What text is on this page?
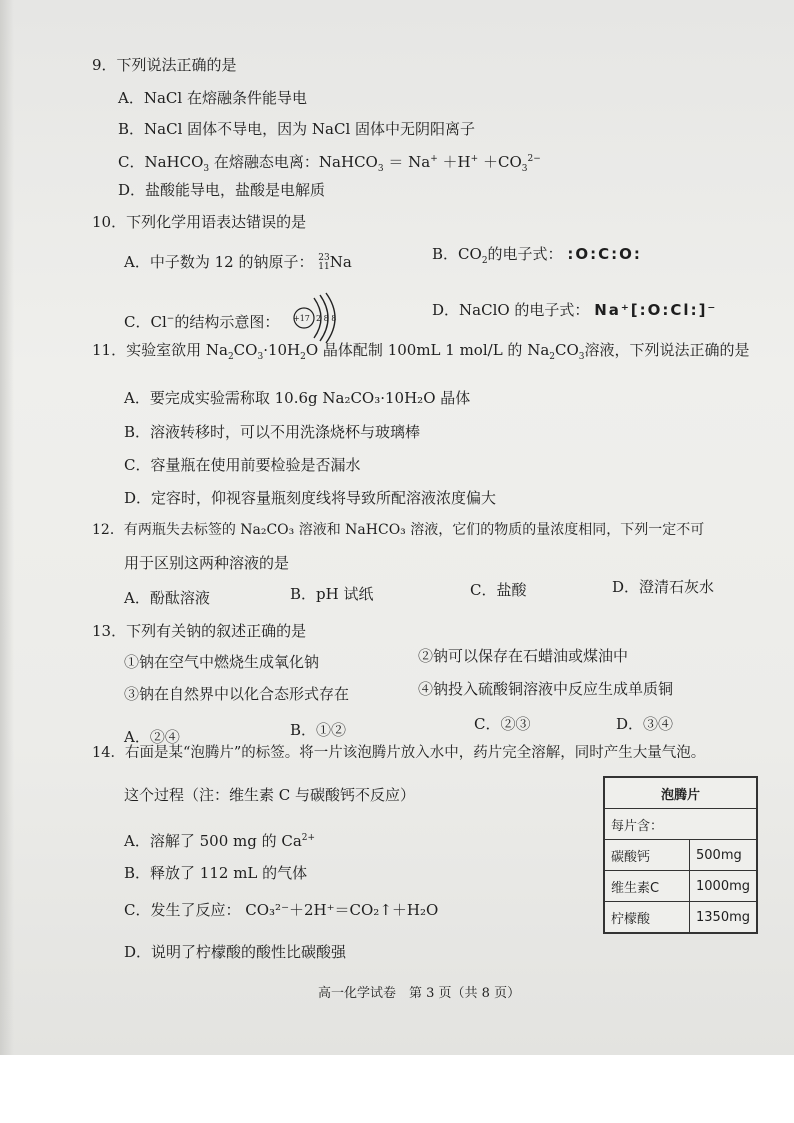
9．下列说法正确的是
A．NaCl 在熔融条件能导电
B．NaCl 固体不导电，因为 NaCl 固体中无阴阳离子
C．NaHCO$_3$ 在熔融态电离：NaHCO$_3$ ＝ $Na^+ +H^+ +CO_3^{2-}$
D．盐酸能导电，盐酸是电解质
10．下列化学用语表达错误的是
A．中子数为 12 的钠原子： 23
11Na	B．$CO_2$的电子式： :O:C:O:
C．Cl−的结构示意图： +17 2 8 8	D．NaClO 的电子式： Na⁺[:O:Cl:]⁻
11．实验室欲用 $Na_2CO_3\cdot 10H_2O$ 晶体配制 100mL 1 mol/L 的 $Na_2CO_3$溶液，下列说法正确的是
A．要完成实验需称取 10.6g Na₂CO₃·10H₂O 晶体
B．溶液转移时，可以不用洗涤烧杯与玻璃棒
C．容量瓶在使用前要检验是否漏水
D．定容时，仰视容量瓶刻度线将导致所配溶液浓度偏大
12．有两瓶失去标签的 Na₂CO₃ 溶液和 NaHCO₃ 溶液，它们的物质的量浓度相同，下列一定不可
用于区别这两种溶液的是
A．酚酞溶液	B．pH 试纸	C．盐酸	D．澄清石灰水
13．下列有关钠的叙述正确的是
①钠在空气中燃烧生成氧化钠	②钠可以保存在石蜡油或煤油中
③钠在自然界中以化合态形式存在	④钠投入硫酸铜溶液中反应生成单质铜
A．②④	B．①②	C．②③	D．③④
14．右面是某“泡腾片”的标签。将一片该泡腾片放入水中，药片完全溶解，同时产生大量气泡。
这个过程（注：维生素 C 与碳酸钙不反应）
A．溶解了 500 mg 的 $Ca^{2+}$
B．释放了 112 mL 的气体
C．发生了反应： CO₃²⁻＋2H⁺＝CO₂↑＋H₂O
D．说明了柠檬酸的酸性比碳酸强
泡腾片	
每片含：	
碳酸钙	500mg
维生素C	1000mg
柠檬酸	1350mg
高一化学试卷　第 3 页（共 8 页）
